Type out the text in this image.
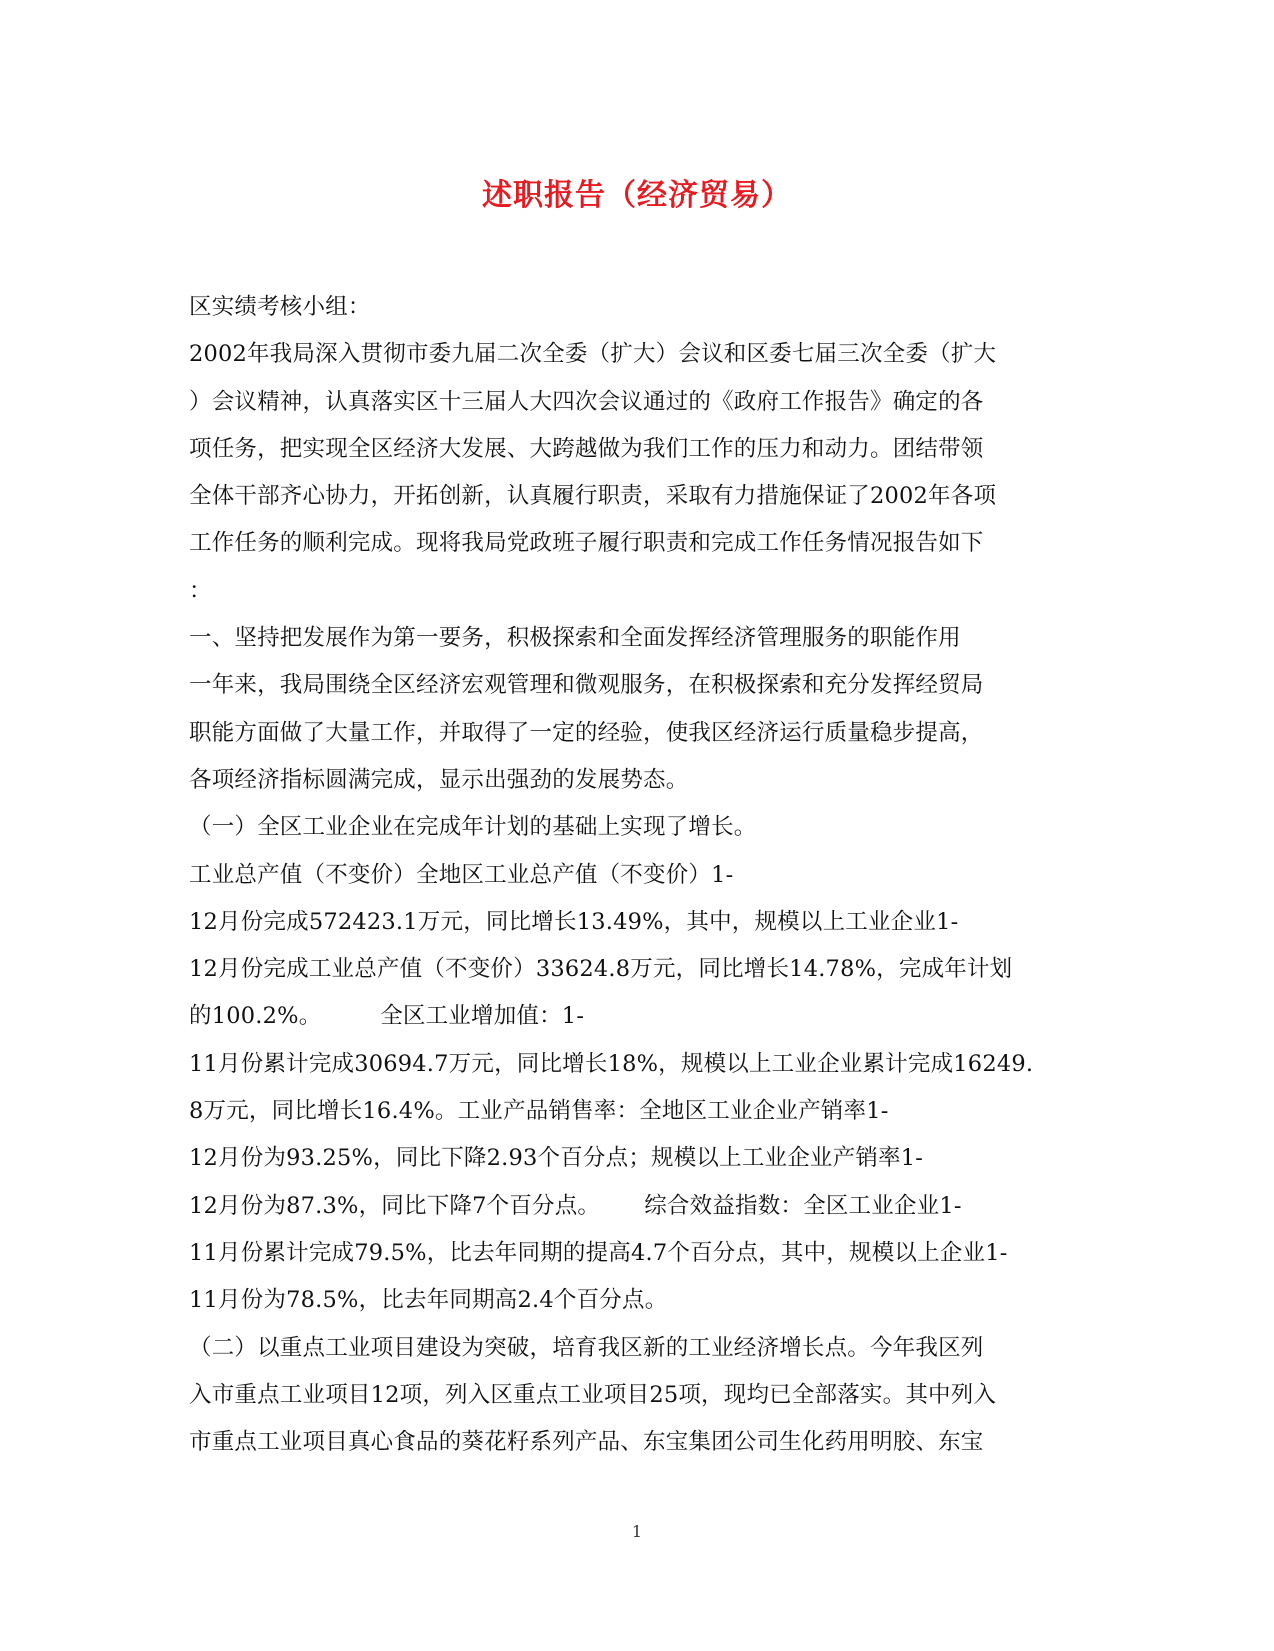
述职报告（经济贸易）
区实绩考核小组：
2002年我局深入贯彻市委九届二次全委（扩大）会议和区委七届三次全委（扩大
）会议精神，认真落实区十三届人大四次会议通过的《政府工作报告》确定的各
项任务，把实现全区经济大发展、大跨越做为我们工作的压力和动力。团结带领
全体干部齐心协力，开拓创新，认真履行职责，采取有力措施保证了2002年各项
工作任务的顺利完成。现将我局党政班子履行职责和完成工作任务情况报告如下
：
一、坚持把发展作为第一要务，积极探索和全面发挥经济管理服务的职能作用
一年来，我局围绕全区经济宏观管理和微观服务，在积极探索和充分发挥经贸局
职能方面做了大量工作，并取得了一定的经验，使我区经济运行质量稳步提高，
各项经济指标圆满完成，显示出强劲的发展势态。
（一）全区工业企业在完成年计划的基础上实现了增长。
工业总产值（不变价）全地区工业总产值（不变价）1-
12月份完成572423.1万元，同比增长13.49%，其中，规模以上工业企业1-
12月份完成工业总产值（不变价）33624.8万元，同比增长14.78%，完成年计划
的100.2%。        全区工业增加值：1-
11月份累计完成30694.7万元，同比增长18%，规模以上工业企业累计完成16249.
8万元，同比增长16.4%。工业产品销售率：全地区工业企业产销率1-
12月份为93.25%，同比下降2.93个百分点；规模以上工业企业产销率1-
12月份为87.3%，同比下降7个百分点。      综合效益指数：全区工业企业1-
11月份累计完成79.5%，比去年同期的提高4.7个百分点，其中，规模以上企业1-
11月份为78.5%，比去年同期高2.4个百分点。
（二）以重点工业项目建设为突破，培育我区新的工业经济增长点。今年我区列
入市重点工业项目12项，列入区重点工业项目25项，现均已全部落实。其中列入
市重点工业项目真心食品的葵花籽系列产品、东宝集团公司生化药用明胶、东宝
1
